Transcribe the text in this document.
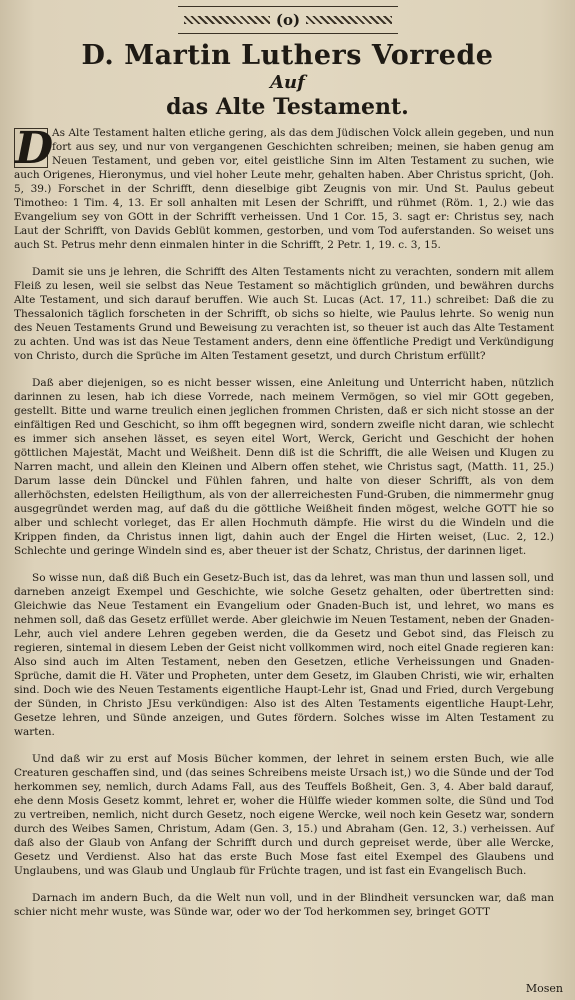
(o)
D. Martin Luthers Vorrede
Auf
das Alte Testament.

D
As Alte Testament halten etliche gering, als das dem Jüdischen Volck allein gegeben, und nun fort aus sey, und nur von vergangenen Geschichten schreiben; meinen, sie haben genug am Neuen Testament, und geben vor, eitel geistliche Sinn im Alten Testament zu suchen, wie auch Origenes, Hieronymus, und viel hoher Leute mehr, gehalten haben. Aber Christus spricht, (Joh. 5, 39.) Forschet in der Schrifft, denn dieselbige gibt Zeugnis von mir. Und St. Paulus gebeut Timotheo: 1 Tim. 4, 13. Er soll anhalten mit Lesen der Schrifft, und rühmet (Röm. 1, 2.) wie das Evangelium sey von GOtt in der Schrifft verheissen. Und 1 Cor. 15, 3. sagt er: Christus sey, nach Laut der Schrifft, von Davids Geblüt kommen, gestorben, und vom Tod auferstanden. So weiset uns auch St. Petrus mehr denn einmalen hinter in die Schrifft, 2 Petr. 1, 19. c. 3, 15.

Damit sie uns je lehren, die Schrifft des Alten Testaments nicht zu verachten, sondern mit allem Fleiß zu lesen, weil sie selbst das Neue Testament so mächtiglich gründen, und bewähren durchs Alte Testament, und sich darauf beruffen. Wie auch St. Lucas (Act. 17, 11.) schreibet: Daß die zu Thessalonich täglich forscheten in der Schrifft, ob sichs so hielte, wie Paulus lehrte. So wenig nun des Neuen Testaments Grund und Beweisung zu verachten ist, so theuer ist auch das Alte Testament zu achten. Und was ist das Neue Testament anders, denn eine öffentliche Predigt und Verkündigung von Christo, durch die Sprüche im Alten Testament gesetzt, und durch Christum erfüllt?

Daß aber diejenigen, so es nicht besser wissen, eine Anleitung und Unterricht haben, nützlich darinnen zu lesen, hab ich diese Vorrede, nach meinem Vermögen, so viel mir GOtt gegeben, gestellt. Bitte und warne treulich einen jeglichen frommen Christen, daß er sich nicht stosse an der einfältigen Red und Geschicht, so ihm offt begegnen wird, sondern zweifle nicht daran, wie schlecht es immer sich ansehen lässet, es seyen eitel Wort, Werck, Gericht und Geschicht der hohen göttlichen Majestät, Macht und Weißheit. Denn diß ist die Schrifft, die alle Weisen und Klugen zu Narren macht, und allein den Kleinen und Albern offen stehet, wie Christus sagt, (Matth. 11, 25.) Darum lasse dein Dünckel und Fühlen fahren, und halte von dieser Schrifft, als von dem allerhöchsten, edelsten Heiligthum, als von der allerreichesten Fund-Gruben, die nimmermehr gnug ausgegründet werden mag, auf daß du die göttliche Weißheit finden mögest, welche GOTT hie so alber und schlecht vorleget, das Er allen Hochmuth dämpfe. Hie wirst du die Windeln und die Krippen finden, da Christus innen ligt, dahin auch der Engel die Hirten weiset, (Luc. 2, 12.) Schlechte und geringe Windeln sind es, aber theuer ist der Schatz, Christus, der darinnen liget.

So wisse nun, daß diß Buch ein Gesetz-Buch ist, das da lehret, was man thun und lassen soll, und darneben anzeigt Exempel und Geschichte, wie solche Gesetz gehalten, oder übertretten sind: Gleichwie das Neue Testament ein Evangelium oder Gnaden-Buch ist, und lehret, wo mans es nehmen soll, daß das Gesetz erfüllet werde. Aber gleichwie im Neuen Testament, neben der Gnaden-Lehr, auch viel andere Lehren gegeben werden, die da Gesetz und Gebot sind, das Fleisch zu regieren, sintemal in diesem Leben der Geist nicht vollkommen wird, noch eitel Gnade regieren kan: Also sind auch im Alten Testament, neben den Gesetzen, etliche Verheissungen und Gnaden-Sprüche, damit die H. Väter und Propheten, unter dem Gesetz, im Glauben Christi, wie wir, erhalten sind. Doch wie des Neuen Testaments eigentliche Haupt-Lehr ist, Gnad und Fried, durch Vergebung der Sünden, in Christo JEsu verkündigen: Also ist des Alten Testaments eigentliche Haupt-Lehr, Gesetze lehren, und Sünde anzeigen, und Gutes fördern. Solches wisse im Alten Testament zu warten.

Und daß wir zu erst auf Mosis Bücher kommen, der lehret in seinem ersten Buch, wie alle Creaturen geschaffen sind, und (das seines Schreibens meiste Ursach ist,) wo die Sünde und der Tod herkommen sey, nemlich, durch Adams Fall, aus des Teuffels Boßheit, Gen. 3, 4. Aber bald darauf, ehe denn Mosis Gesetz kommt, lehret er, woher die Hülffe wieder kommen solte, die Sünd und Tod zu vertreiben, nemlich, nicht durch Gesetz, noch eigene Wercke, weil noch kein Gesetz war, sondern durch des Weibes Samen, Christum, Adam (Gen. 3, 15.) und Abraham (Gen. 12, 3.) verheissen. Auf daß also der Glaub von Anfang der Schrifft durch und durch gepreiset werde, über alle Wercke, Gesetz und Verdienst. Also hat das erste Buch Mose fast eitel Exempel des Glaubens und Unglaubens, und was Glaub und Unglaub für Früchte tragen, und ist fast ein Evangelisch Buch.

Darnach im andern Buch, da die Welt nun voll, und in der Blindheit versuncken war, daß man schier nicht mehr wuste, was Sünde war, oder wo der Tod herkommen sey, bringet GOTT

Mosen
